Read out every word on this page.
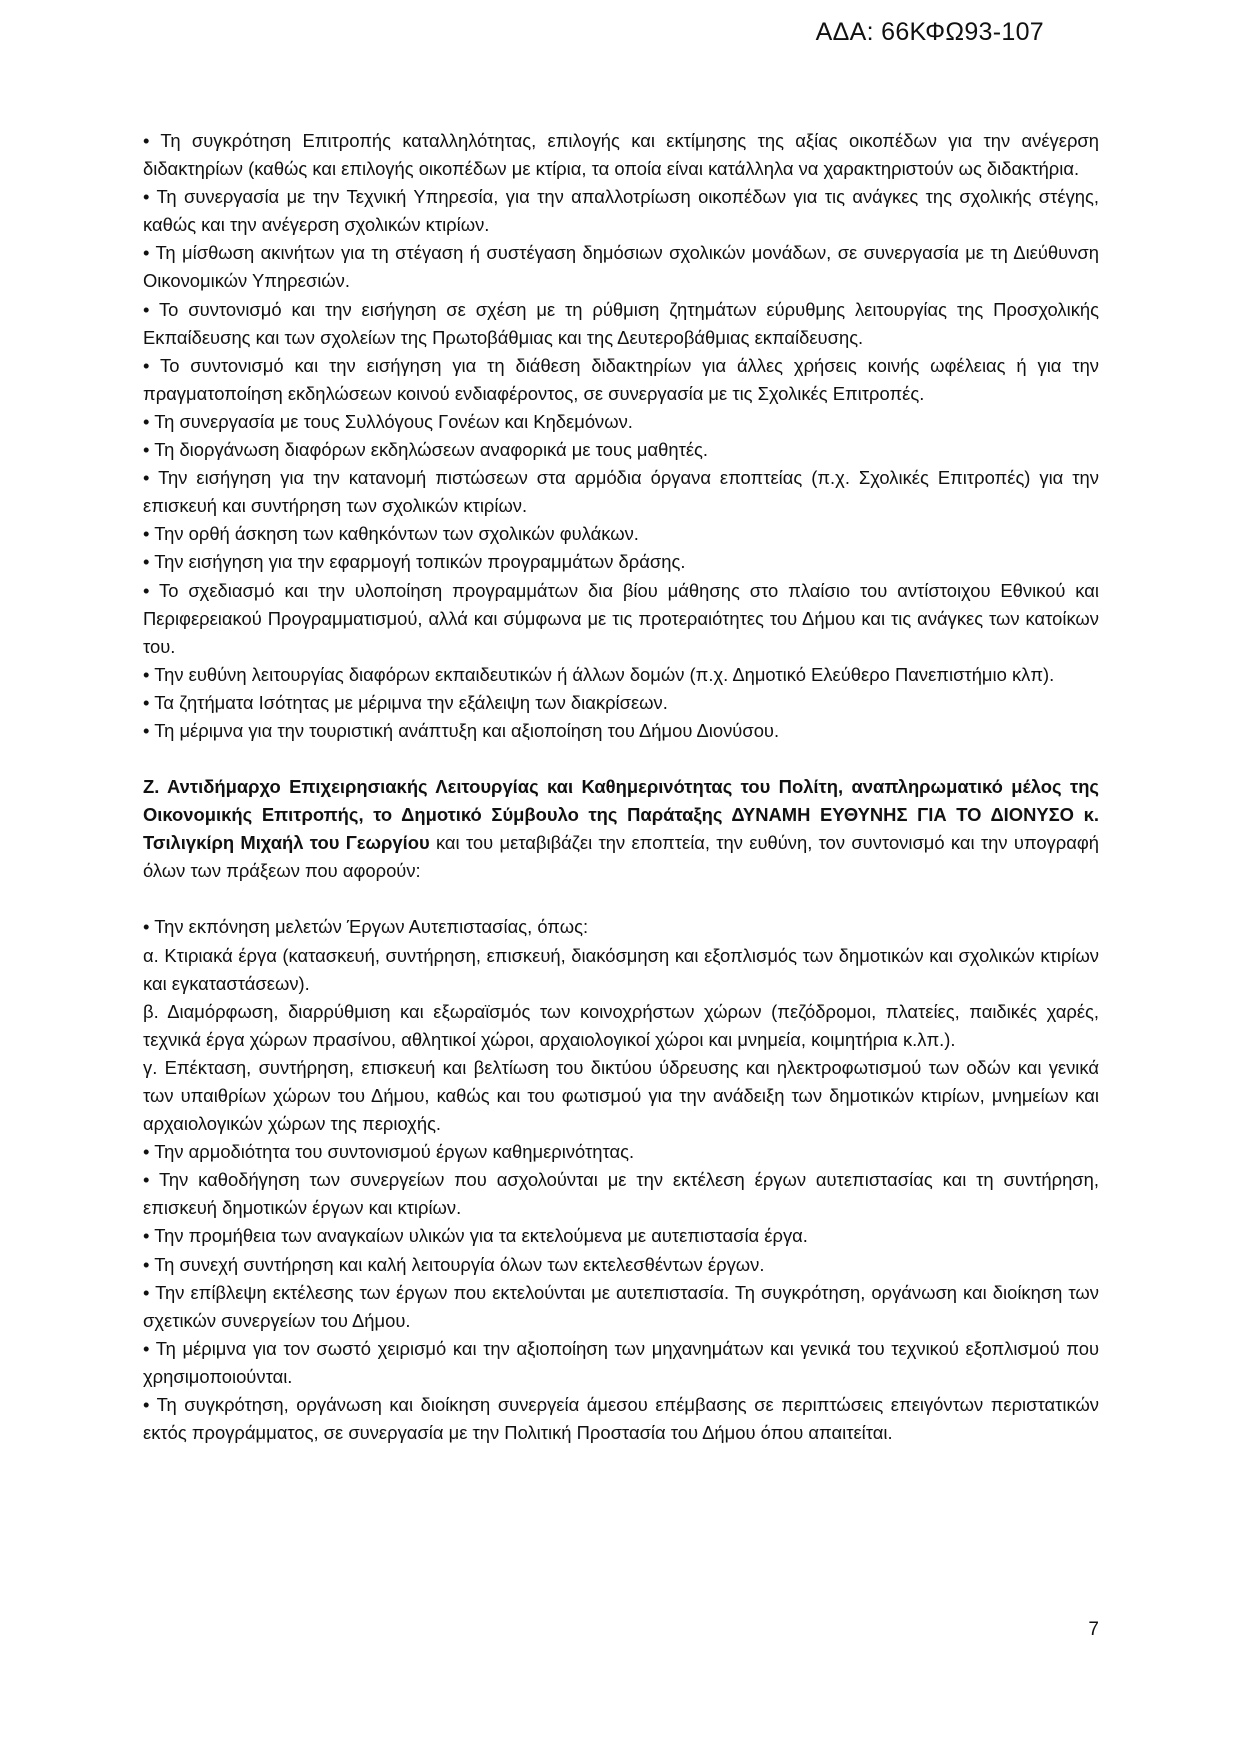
ΑΔΑ: 66ΚΦΩ93-107

• Τη συγκρότηση Επιτροπής καταλληλότητας, επιλογής και εκτίμησης της αξίας οικοπέδων για την ανέγερση διδακτηρίων (καθώς και επιλογής οικοπέδων με κτίρια, τα οποία είναι κατάλληλα να χαρακτηριστούν ως διδακτήρια.

• Τη συνεργασία με την Τεχνική Υπηρεσία, για την απαλλοτρίωση οικοπέδων για τις ανάγκες της σχολικής στέγης, καθώς και την ανέγερση σχολικών κτιρίων.

• Τη μίσθωση ακινήτων για τη στέγαση ή συστέγαση δημόσιων σχολικών μονάδων, σε συνεργασία με τη Διεύθυνση Οικονομικών Υπηρεσιών.

• Το συντονισμό και την εισήγηση σε σχέση με τη ρύθμιση ζητημάτων εύρυθμης λειτουργίας της Προσχολικής Εκπαίδευσης και των σχολείων της Πρωτοβάθμιας και της Δευτεροβάθμιας εκπαίδευσης.

• Το συντονισμό και την εισήγηση για τη διάθεση διδακτηρίων για άλλες χρήσεις κοινής ωφέλειας ή για την πραγματοποίηση εκδηλώσεων κοινού ενδιαφέροντος, σε συνεργασία με τις Σχολικές Επιτροπές.

• Τη συνεργασία με τους Συλλόγους Γονέων και Κηδεμόνων.

• Τη διοργάνωση διαφόρων εκδηλώσεων αναφορικά με τους μαθητές.

• Την εισήγηση για την κατανομή πιστώσεων στα αρμόδια όργανα εποπτείας (π.χ. Σχολικές Επιτροπές) για την επισκευή και συντήρηση των σχολικών κτιρίων.

• Την ορθή άσκηση των καθηκόντων των σχολικών φυλάκων.

• Την εισήγηση για την εφαρμογή τοπικών προγραμμάτων δράσης.

• Το σχεδιασμό και την υλοποίηση προγραμμάτων δια βίου μάθησης στο πλαίσιο του αντίστοιχου Εθνικού και Περιφερειακού Προγραμματισμού, αλλά και σύμφωνα με τις προτεραιότητες του Δήμου και τις ανάγκες των κατοίκων του.

• Την ευθύνη λειτουργίας διαφόρων εκπαιδευτικών ή άλλων δομών (π.χ. Δημοτικό Ελεύθερο Πανεπιστήμιο κλπ).

• Τα ζητήματα Ισότητας με μέριμνα την εξάλειψη των διακρίσεων.

• Τη μέριμνα για την τουριστική ανάπτυξη και αξιοποίηση του Δήμου Διονύσου.

Ζ. Αντιδήμαρχο Επιχειρησιακής Λειτουργίας και Καθημερινότητας του Πολίτη, αναπληρωματικό μέλος της Οικονομικής Επιτροπής, το Δημοτικό Σύμβουλο της Παράταξης ΔΥΝΑΜΗ ΕΥΘΥΝΗΣ ΓΙΑ ΤΟ ΔΙΟΝΥΣΟ κ. Τσιλιγκίρη Μιχαήλ του Γεωργίου και του μεταβιβάζει την εποπτεία, την ευθύνη, τον συντονισμό και την υπογραφή όλων των πράξεων που αφορούν:

• Την εκπόνηση μελετών Έργων Αυτεπιστασίας, όπως:

α. Κτιριακά έργα (κατασκευή, συντήρηση, επισκευή, διακόσμηση και εξοπλισμός των δημοτικών και σχολικών κτιρίων και εγκαταστάσεων).

β. Διαμόρφωση, διαρρύθμιση και εξωραϊσμός των κοινοχρήστων χώρων (πεζόδρομοι, πλατείες, παιδικές χαρές, τεχνικά έργα χώρων πρασίνου, αθλητικοί χώροι, αρχαιολογικοί χώροι και μνημεία, κοιμητήρια κ.λπ.).

γ. Επέκταση, συντήρηση, επισκευή και βελτίωση του δικτύου ύδρευσης και ηλεκτροφωτισμού των οδών και γενικά των υπαιθρίων χώρων του Δήμου, καθώς και του φωτισμού για την ανάδειξη των δημοτικών κτιρίων, μνημείων και αρχαιολογικών χώρων της περιοχής.

• Την αρμοδιότητα του συντονισμού έργων καθημερινότητας.

• Την καθοδήγηση των συνεργείων που ασχολούνται με την εκτέλεση έργων αυτεπιστασίας και τη συντήρηση, επισκευή δημοτικών έργων και κτιρίων.

• Την προμήθεια των αναγκαίων υλικών για τα εκτελούμενα με αυτεπιστασία έργα.

• Τη συνεχή συντήρηση και καλή λειτουργία όλων των εκτελεσθέντων έργων.

• Την επίβλεψη εκτέλεσης των έργων που εκτελούνται με αυτεπιστασία. Τη συγκρότηση, οργάνωση και διοίκηση των σχετικών συνεργείων του Δήμου.

• Τη μέριμνα για τον σωστό χειρισμό και την αξιοποίηση των μηχανημάτων και γενικά του τεχνικού εξοπλισμού που χρησιμοποιούνται.

• Τη συγκρότηση, οργάνωση και διοίκηση συνεργεία άμεσου επέμβασης σε περιπτώσεις επειγόντων περιστατικών εκτός προγράμματος, σε συνεργασία με την Πολιτική Προστασία του Δήμου όπου απαιτείται.

7
